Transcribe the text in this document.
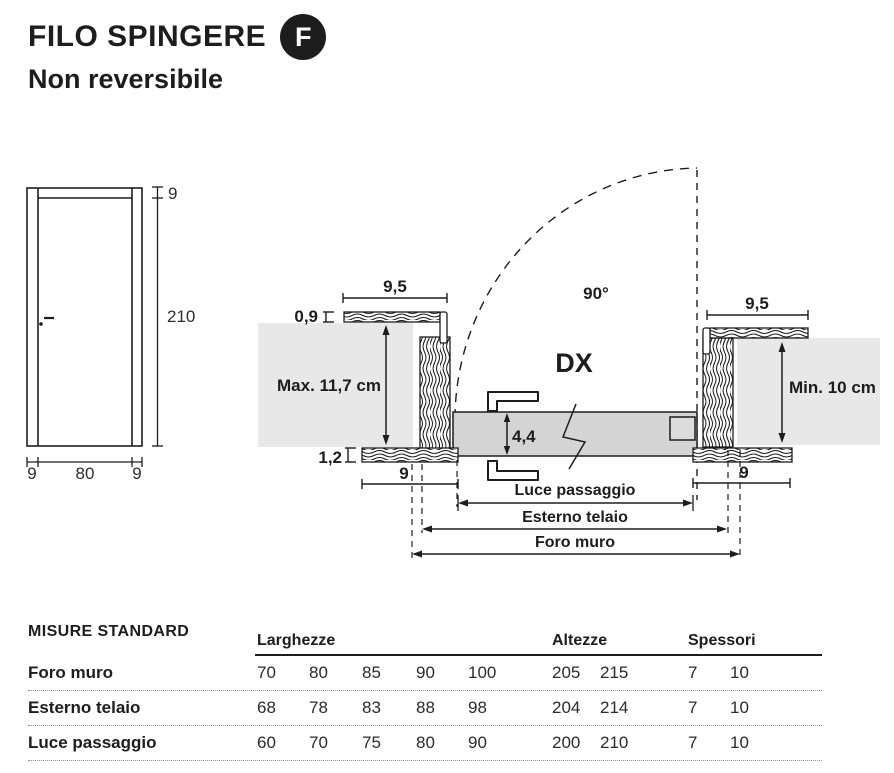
FILO SPINGERE	F
Non reversibile
9
210
9 80 9
9,5
0,9
Max. 11,7 cm
1,2
9
4,4
90°
DX
9,5
Min. 10 cm
9
Luce passaggio
Esterno telaio
Foro muro
MISURE STANDARD
Larghezze	Altezze	Spessori
Foro muro	70	80	85	90	100	205	215	7	10
Esterno telaio	68	78	83	88	98	204	214	7	10
Luce passaggio	60	70	75	80	90	200	210	7	10
